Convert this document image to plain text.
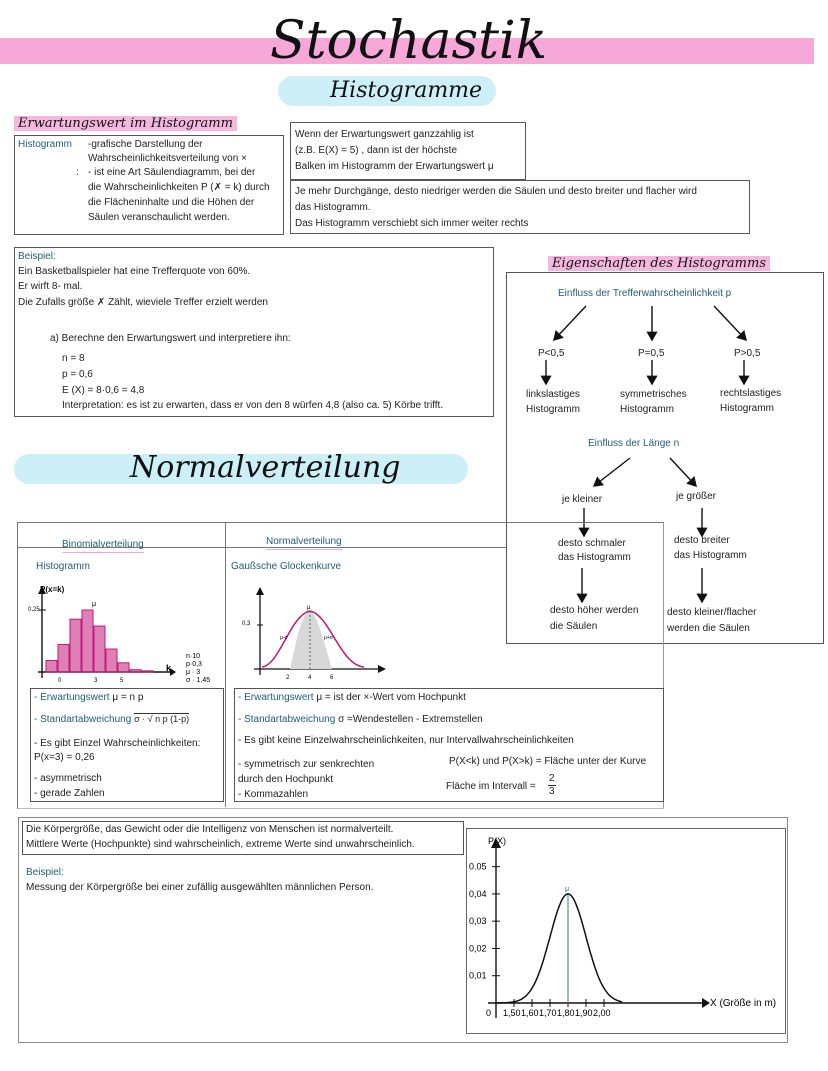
Stochastik
Histogramme
Erwartungswert im Histogramm
Histogramm
:
-grafische Darstellung der
Wahrscheinlichkeitsverteilung von ×
- ist eine Art Säulendiagramm, bei der
die Wahrscheinlichkeiten P (✗ = k) durch
die Flächeninhalte und die Höhen der
Säulen veranschaulicht werden.
Wenn der Erwartungswert ganzzahlig ist
(z.B. E(X) = 5) , dann ist der höchste
Balken im Histogramm der Erwartungswert μ
Je mehr Durchgänge, desto niedriger werden die Säulen und desto breiter und flacher wird
das Histogramm.
Das Histogramm verschiebt sich immer weiter rechts
Beispiel:
Ein Basketballspieler hat eine Trefferquote von 60%.
Er wirft 8- mal.
Die Zufalls größe ✗ Zählt, wieviele Treffer erzielt werden
a) Berechne den Erwartungswert und interpretiere ihn:
n = 8
p = 0,6
E (X) = 8·0,6 = 4,8
Interpretation: es ist zu erwarten, dass er von den 8 würfen 4,8 (also ca. 5) Körbe trifft.
Eigenschaften des Histogramms
Einfluss der Trefferwahrscheinlichkeit p
P<0,5	P=0,5	P>0,5
linkslastiges
Histogramm
symmetrisches
Histogramm
rechtslastiges
Histogramm
Einfluss der Länge n
je kleiner	je größer
desto schmaler
das Histogramm
desto breiter
das Histogramm
desto höher werden
die Säulen
desto kleiner/flacher
werden die Säulen
Normalverteilung
Binomialverteilung	Normalverteilung
Histogramm	Gaußsche Glockenkurve
P(x=k)
0,25
μ
k
0	3	5
n·10
p·0,3
μ · 3
σ · 1,45
0,3
μ
μ-σ	μ+σ
2	4	6
- Erwartungswert μ = n p
- Standartabweichung σ · √ n p (1-p)
- Es gibt Einzel Wahrscheinlichkeiten:
P(x=3) = 0,26
- asymmetrisch
- gerade Zahlen
- Erwartungswert μ = ist der ×-Wert vom Hochpunkt
- Standartabweichung σ =Wendestellen - Extremstellen
- Es gibt keine Einzelwahrscheinlichkeiten, nur Intervallwahrscheinlichkeiten
- symmetrisch zur senkrechten
durch den Hochpunkt
- Kommazahlen
P(X<k) und P(X>k) = Fläche unter der Kurve
Fläche im Intervall =
2
3
Die Körpergröße, das Gewicht oder die Intelligenz von Menschen ist normalverteilt.
Mittlere Werte (Hochpunkte) sind wahrscheinlich, extreme Werte sind unwahrscheinlich.
Beispiel:
Messung der Körpergröße bei einer zufällig ausgewählten männlichen Person.
P(X)
X (Größe in m)
0,01
0,02
0,03
0,04
0.05
0 1,50 1,60 1,70 1,80 1,90 2,00
μ
